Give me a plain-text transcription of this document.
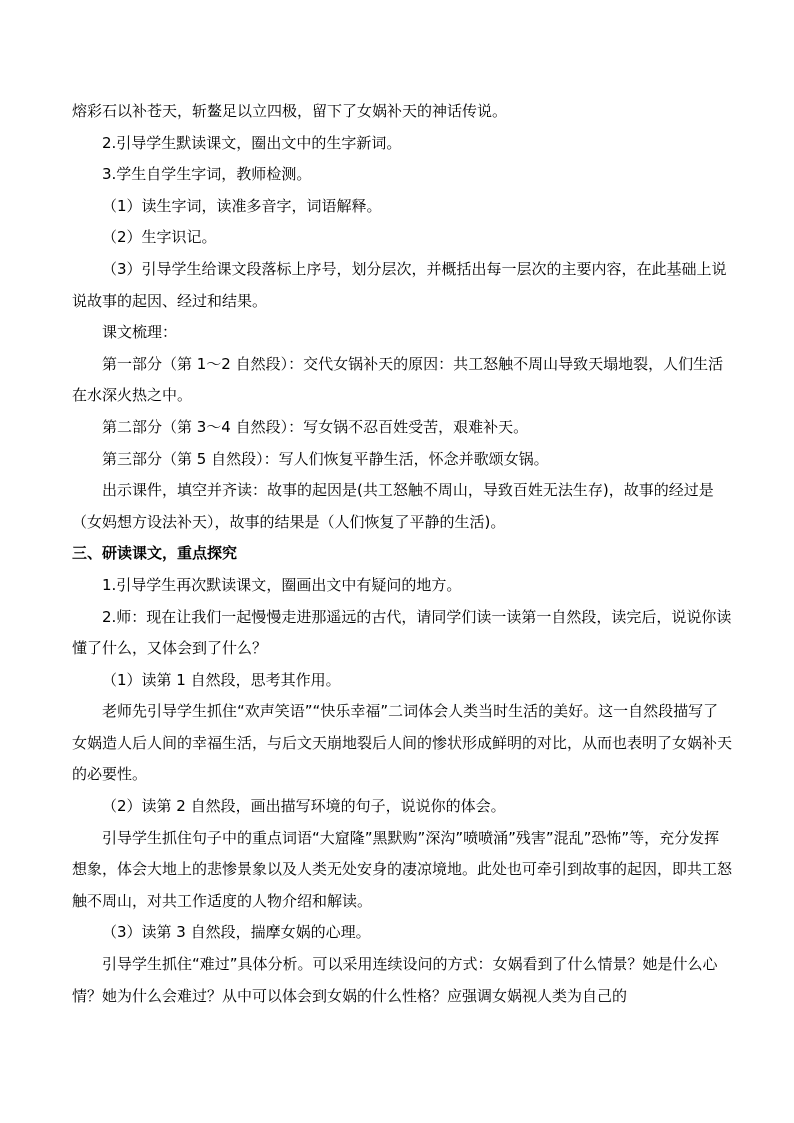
熔彩石以补苍天，斩鳌足以立四极，留下了女娲补天的神话传说。

2.引导学生默读课文，圈出文中的生字新词。

3.学生自学生字词，教师检测。

（1）读生字词，读准多音字，词语解释。

（2）生字识记。

（3）引导学生给课文段落标上序号，划分层次，并概括出每一层次的主要内容，在此基础上说说故事的起因、经过和结果。

课文梳理：

第一部分（第 1～2 自然段）：交代女锅补天的原因：共工怒触不周山导致天塌地裂，人们生活在水深火热之中。

第二部分（第 3～4 自然段）：写女锅不忍百姓受苦，艰难补天。

第三部分（第 5 自然段）：写人们恢复平静生活，怀念并歌颂女锅。

出示课件，填空并齐读：故事的起因是(共工怒触不周山，导致百姓无法生存)，故事的经过是（女妈想方设法补天），故事的结果是（人们恢复了平静的生活)。

三、研读课文，重点探究

1.引导学生再次默读课文，圈画出文中有疑问的地方。

2.师：现在让我们一起慢慢走进那遥远的古代，请同学们读一读第一自然段，读完后，说说你读懂了什么，又体会到了什么？

（1）读第 1 自然段，思考其作用。

老师先引导学生抓住“欢声笑语”“快乐幸福”二词体会人类当时生活的美好。这一自然段描写了女娲造人后人间的幸福生活，与后文天崩地裂后人间的惨状形成鲜明的对比，从而也表明了女娲补天的必要性。

（2）读第 2 自然段，画出描写环境的句子，说说你的体会。

引导学生抓住句子中的重点词语“大窟隆”黑默购”深沟”喷喷涌”残害”混乱”恐怖”等，充分发挥想象，体会大地上的悲惨景象以及人类无处安身的凄凉境地。此处也可牵引到故事的起因，即共工怒触不周山，对共工作适度的人物介绍和解读。

（3）读第 3 自然段，揣摩女娲的心理。

引导学生抓住“难过”具体分析。可以采用连续设问的方式：女娲看到了什么情景？她是什么心情？她为什么会难过？从中可以体会到女娲的什么性格？应强调女娲视人类为自己的
